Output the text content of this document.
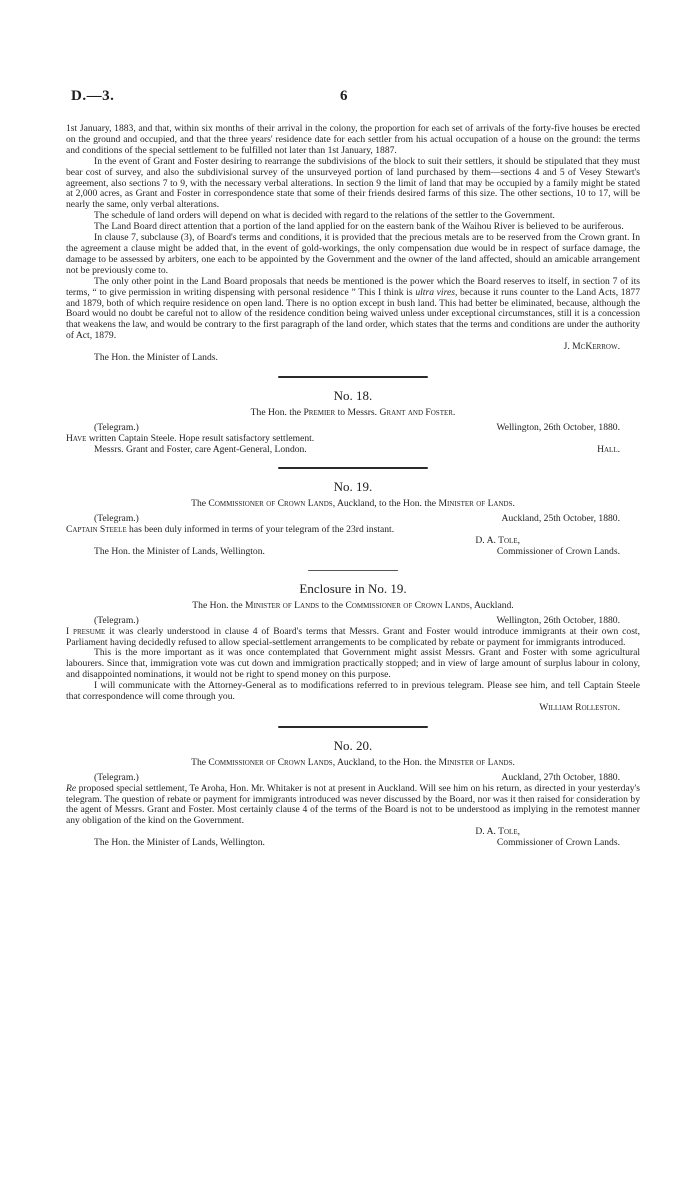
D.—3.	6

1st January, 1883, and that, within six months of their arrival in the colony, the proportion for each set of arrivals of the forty-five houses be erected on the ground and occupied, and that the three years' residence date for each settler from his actual occupation of a house on the ground: the terms and conditions of the special settlement to be fulfilled not later than 1st January, 1887.

In the event of Grant and Foster desiring to rearrange the subdivisions of the block to suit their settlers, it should be stipulated that they must bear cost of survey, and also the subdivisional survey of the unsurveyed portion of land purchased by them—sections 4 and 5 of Vesey Stewart's agreement, also sections 7 to 9, with the necessary verbal alterations. In section 9 the limit of land that may be occupied by a family might be stated at 2,000 acres, as Grant and Foster in correspondence state that some of their friends desired farms of this size. The other sections, 10 to 17, will be nearly the same, only verbal alterations.

The schedule of land orders will depend on what is decided with regard to the relations of the settler to the Government.

The Land Board direct attention that a portion of the land applied for on the eastern bank of the Waihou River is believed to be auriferous.

In clause 7, subclause (3), of Board's terms and conditions, it is provided that the precious metals are to be reserved from the Crown grant. In the agreement a clause might be added that, in the event of gold-workings, the only compensation due would be in respect of surface damage, the damage to be assessed by arbiters, one each to be appointed by the Government and the owner of the land affected, should an amicable arrangement not be previously come to.

The only other point in the Land Board proposals that needs be mentioned is the power which the Board reserves to itself, in section 7 of its terms, “ to give permission in writing dispensing with personal residence ” This I think is ultra vires, because it runs counter to the Land Acts, 1877 and 1879, both of which require residence on open land. There is no option except in bush land. This had better be eliminated, because, although the Board would no doubt be careful not to allow of the residence condition being waived unless under exceptional circumstances, still it is a concession that weakens the law, and would be contrary to the first paragraph of the land order, which states that the terms and conditions are under the authority of Act, 1879.

J. McKerrow.
The Hon. the Minister of Lands.
No. 18.
The Hon. the Premier to Messrs. Grant and Foster.
(Telegram.)	Wellington, 26th October, 1880.

Have written Captain Steele. Hope result satisfactory settlement.

Messrs. Grant and Foster, care Agent-General, London.	Hall.
No. 19.
The Commissioner of Crown Lands, Auckland, to the Hon. the Minister of Lands.
(Telegram.)	Auckland, 25th October, 1880.

Captain Steele has been duly informed in terms of your telegram of the 23rd instant.

D. A. Tole,
The Hon. the Minister of Lands, Wellington.	Commissioner of Crown Lands.
Enclosure in No. 19.
The Hon. the Minister of Lands to the Commissioner of Crown Lands, Auckland.
(Telegram.)	Wellington, 26th October, 1880.

I presume it was clearly understood in clause 4 of Board's terms that Messrs. Grant and Foster would introduce immigrants at their own cost, Parliament having decidedly refused to allow special-settlement arrangements to be complicated by rebate or payment for immigrants introduced.

This is the more important as it was once contemplated that Government might assist Messrs. Grant and Foster with some agricultural labourers. Since that, immigration vote was cut down and immigration practically stopped; and in view of large amount of surplus labour in colony, and disappointed nominations, it would not be right to spend money on this purpose.

I will communicate with the Attorney-General as to modifications referred to in previous telegram. Please see him, and tell Captain Steele that correspondence will come through you.

William Rolleston.
No. 20.
The Commissioner of Crown Lands, Auckland, to the Hon. the Minister of Lands.
(Telegram.)	Auckland, 27th October, 1880.

Re proposed special settlement, Te Aroha, Hon. Mr. Whitaker is not at present in Auckland. Will see him on his return, as directed in your yesterday's telegram. The question of rebate or payment for immigrants introduced was never discussed by the Board, nor was it then raised for consideration by the agent of Messrs. Grant and Foster. Most certainly clause 4 of the terms of the Board is not to be understood as implying in the remotest manner any obligation of the kind on the Government.

D. A. Tole,
The Hon. the Minister of Lands, Wellington.	Commissioner of Crown Lands.
